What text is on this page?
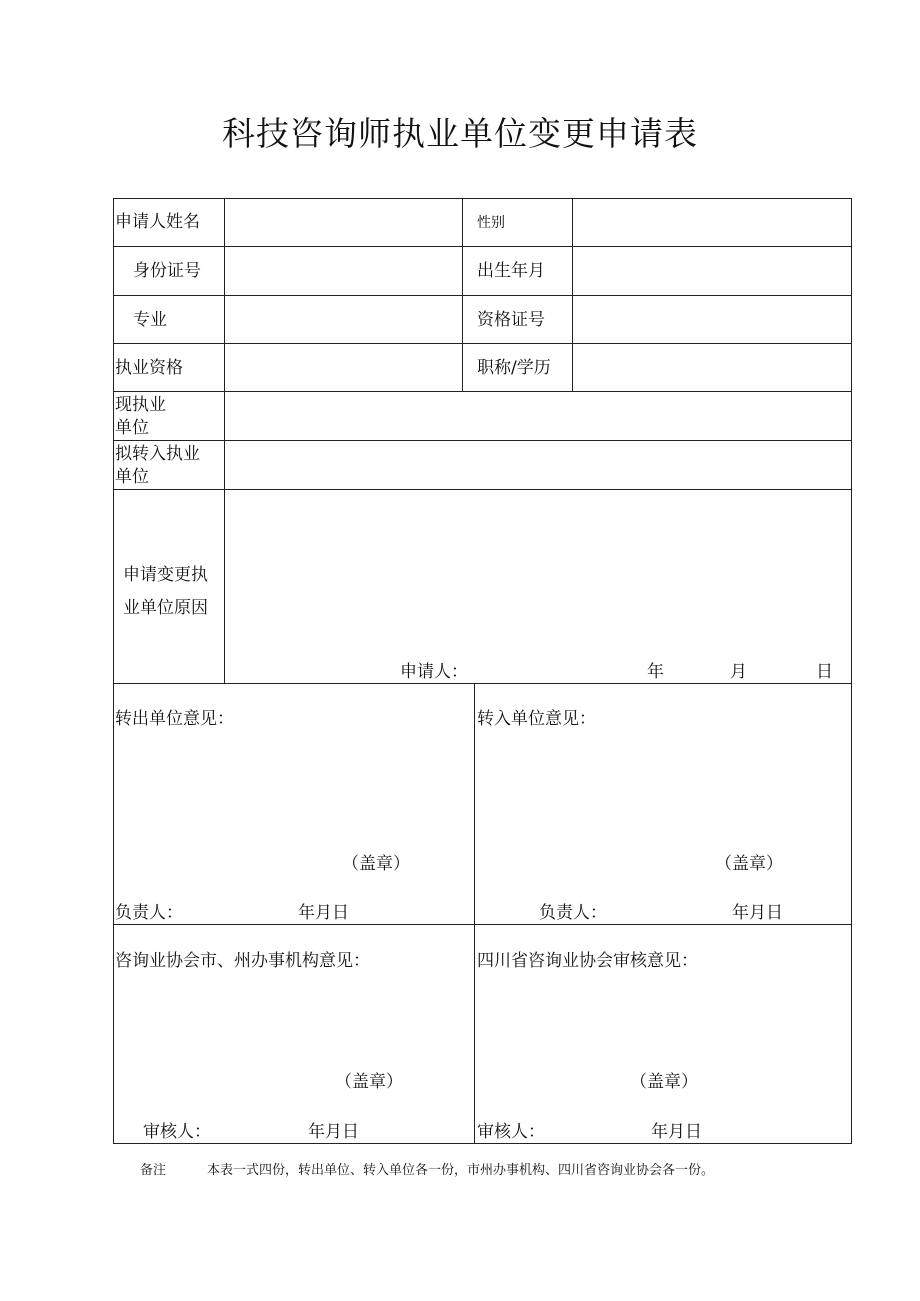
科技咨询师执业单位变更申请表
申请人姓名	性别
身份证号	出生年月
专业	资格证号
执业资格	职称/学历
现执业
单位
拟转入执业
单位
申请变更执
业单位原因
申请人：	年	月	日
转出单位意见：
（盖章）
负责人：	年月日
转入单位意见：
（盖章）
负责人：	年月日
咨询业协会市、州办事机构意见：
（盖章）
审核人：	年月日
四川省咨询业协会审核意见：
（盖章）
审核人：	年月日
备注	本表一式四份，转出单位、转入单位各一份，市州办事机构、四川省咨询业协会各一份。
